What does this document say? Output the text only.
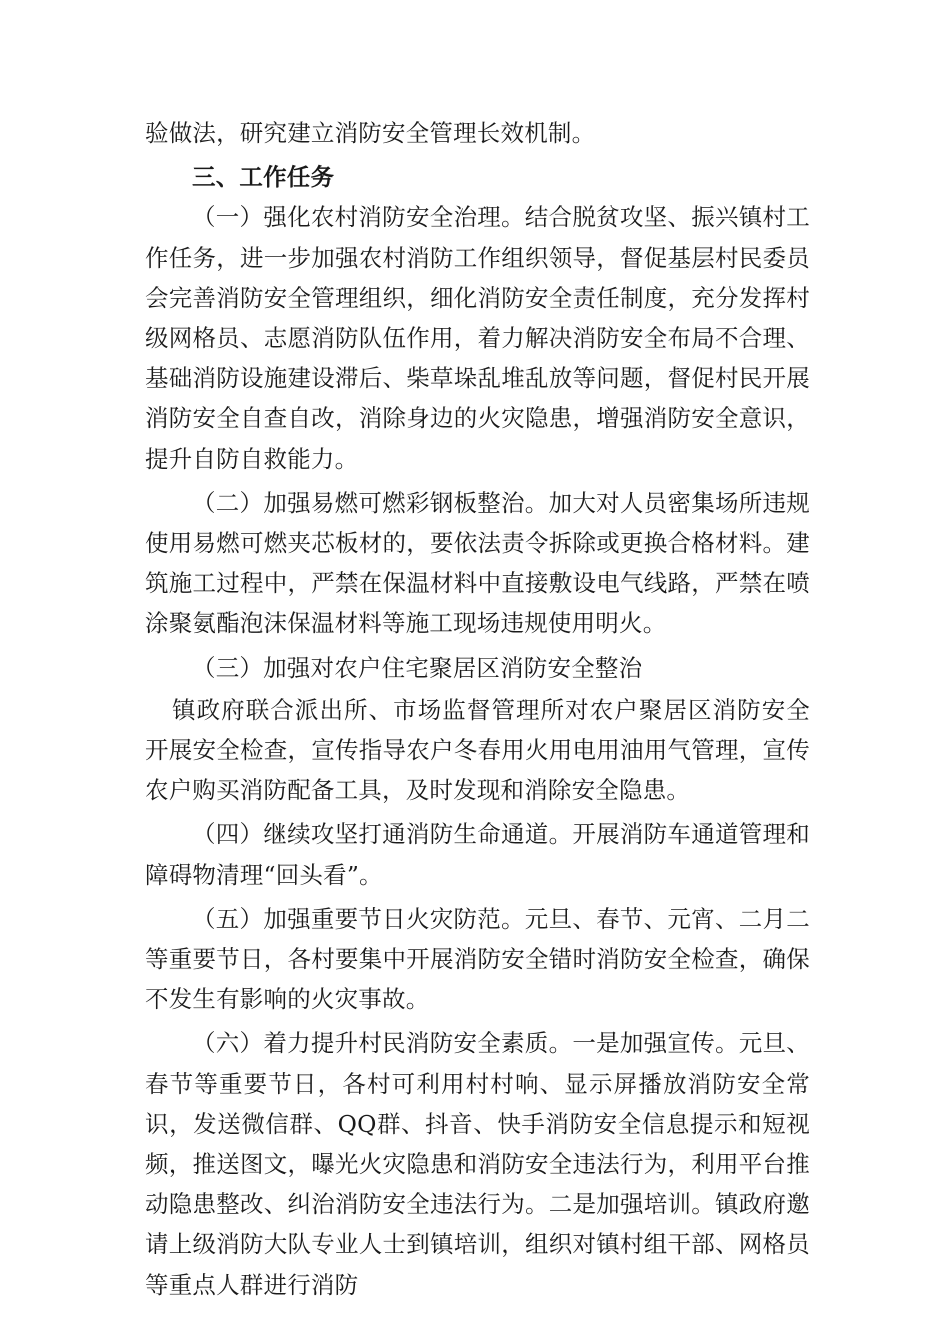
验做法，研究建立消防安全管理长效机制。

三、工作任务

（一）强化农村消防安全治理。结合脱贫攻坚、振兴镇村工作任务，进一步加强农村消防工作组织领导，督促基层村民委员会完善消防安全管理组织，细化消防安全责任制度，充分发挥村级网格员、志愿消防队伍作用，着力解决消防安全布局不合理、基础消防设施建设滞后、柴草垛乱堆乱放等问题，督促村民开展消防安全自查自改，消除身边的火灾隐患，增强消防安全意识，提升自防自救能力。

（二）加强易燃可燃彩钢板整治。加大对人员密集场所违规使用易燃可燃夹芯板材的，要依法责令拆除或更换合格材料。建筑施工过程中，严禁在保温材料中直接敷设电气线路，严禁在喷涂聚氨酯泡沫保温材料等施工现场违规使用明火。

（三）加强对农户住宅聚居区消防安全整治

镇政府联合派出所、市场监督管理所对农户聚居区消防安全开展安全检查，宣传指导农户冬春用火用电用油用气管理，宣传农户购买消防配备工具，及时发现和消除安全隐患。

（四）继续攻坚打通消防生命通道。开展消防车通道管理和障碍物清理“回头看”。

（五）加强重要节日火灾防范。元旦、春节、元宵、二月二等重要节日，各村要集中开展消防安全错时消防安全检查，确保不发生有影响的火灾事故。

（六）着力提升村民消防安全素质。一是加强宣传。元旦、春节等重要节日，各村可利用村村响、显示屏播放消防安全常识，发送微信群、QQ群、抖音、快手消防安全信息提示和短视频，推送图文，曝光火灾隐患和消防安全违法行为，利用平台推动隐患整改、纠治消防安全违法行为。二是加强培训。镇政府邀请上级消防大队专业人士到镇培训，组织对镇村组干部、网格员等重点人群进行消防
